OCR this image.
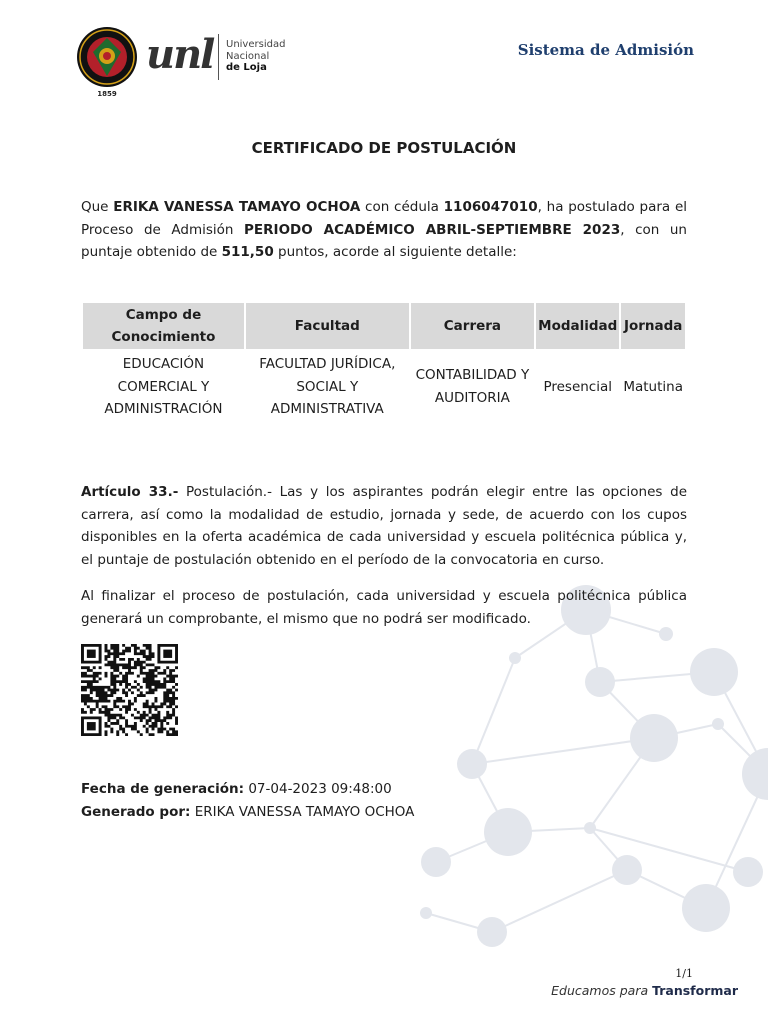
1859
unl Universidad
Nacional
de Loja
Sistema de Admisión
CERTIFICADO DE POSTULACIÓN
Que ERIKA VANESSA TAMAYO OCHOA con cédula 1106047010, ha postulado para el Proceso de Admisión PERIODO ACADÉMICO ABRIL-SEPTIEMBRE 2023, con un puntaje obtenido de 511,50 puntos, acorde al siguiente detalle:
Campo de Conocimiento	Facultad	Carrera	Modalidad	Jornada
EDUCACIÓN COMERCIAL Y ADMINISTRACIÓN	FACULTAD JURÍDICA, SOCIAL Y ADMINISTRATIVA	CONTABILIDAD Y AUDITORIA	Presencial	Matutina
Artículo 33.- Postulación.- Las y los aspirantes podrán elegir entre las opciones de carrera, así como la modalidad de estudio, jornada y sede, de acuerdo con los cupos disponibles en la oferta académica de cada universidad y escuela politécnica pública y, el puntaje de postulación obtenido en el período de la convocatoria en curso.
Al finalizar el proceso de postulación, cada universidad y escuela politécnica pública generará un comprobante, el mismo que no podrá ser modificado.
Fecha de generación: 07-04-2023 09:48:00
Generado por: ERIKA VANESSA TAMAYO OCHOA
1/1
Educamos para Transformar
